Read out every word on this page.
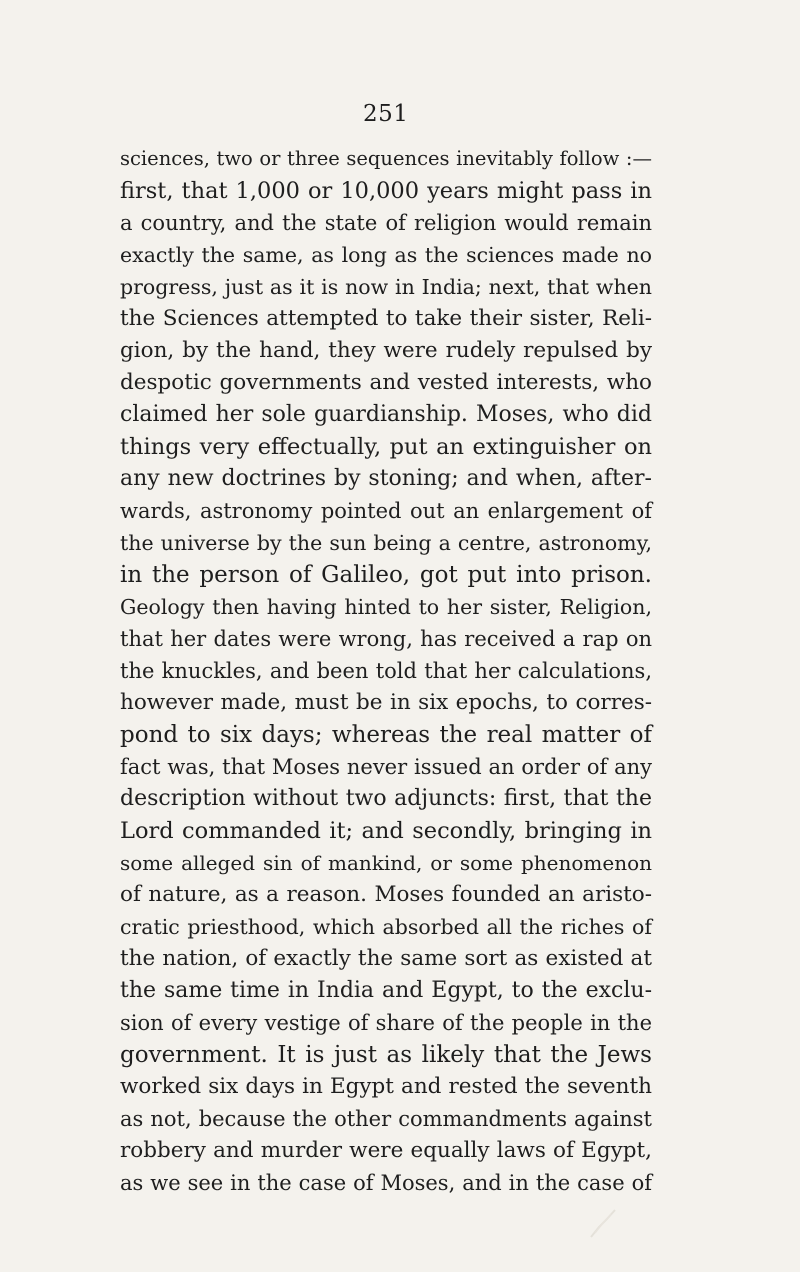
251
sciences, two or three sequences inevitably follow :—
first, that 1,000 or 10,000 years might pass in
a country, and the state of religion would remain
exactly the same, as long as the sciences made no
progress, just as it is now in India; next, that when
the Sciences attempted to take their sister, Reli-
gion, by the hand, they were rudely repulsed by
despotic governments and vested interests, who
claimed her sole guardianship. Moses, who did
things very effectually, put an extinguisher on
any new doctrines by stoning; and when, after-
wards, astronomy pointed out an enlargement of
the universe by the sun being a centre, astronomy,
in the person of Galileo, got put into prison.
Geology then having hinted to her sister, Religion,
that her dates were wrong, has received a rap on
the knuckles, and been told that her calculations,
however made, must be in six epochs, to corres-
pond to six days; whereas the real matter of
fact was, that Moses never issued an order of any
description without two adjuncts: first, that the
Lord commanded it; and secondly, bringing in
some alleged sin of mankind, or some phenomenon
of nature, as a reason. Moses founded an aristo-
cratic priesthood, which absorbed all the riches of
the nation, of exactly the same sort as existed at
the same time in India and Egypt, to the exclu-
sion of every vestige of share of the people in the
government. It is just as likely that the Jews
worked six days in Egypt and rested the seventh
as not, because the other commandments against
robbery and murder were equally laws of Egypt,
as we see in the case of Moses, and in the case of
